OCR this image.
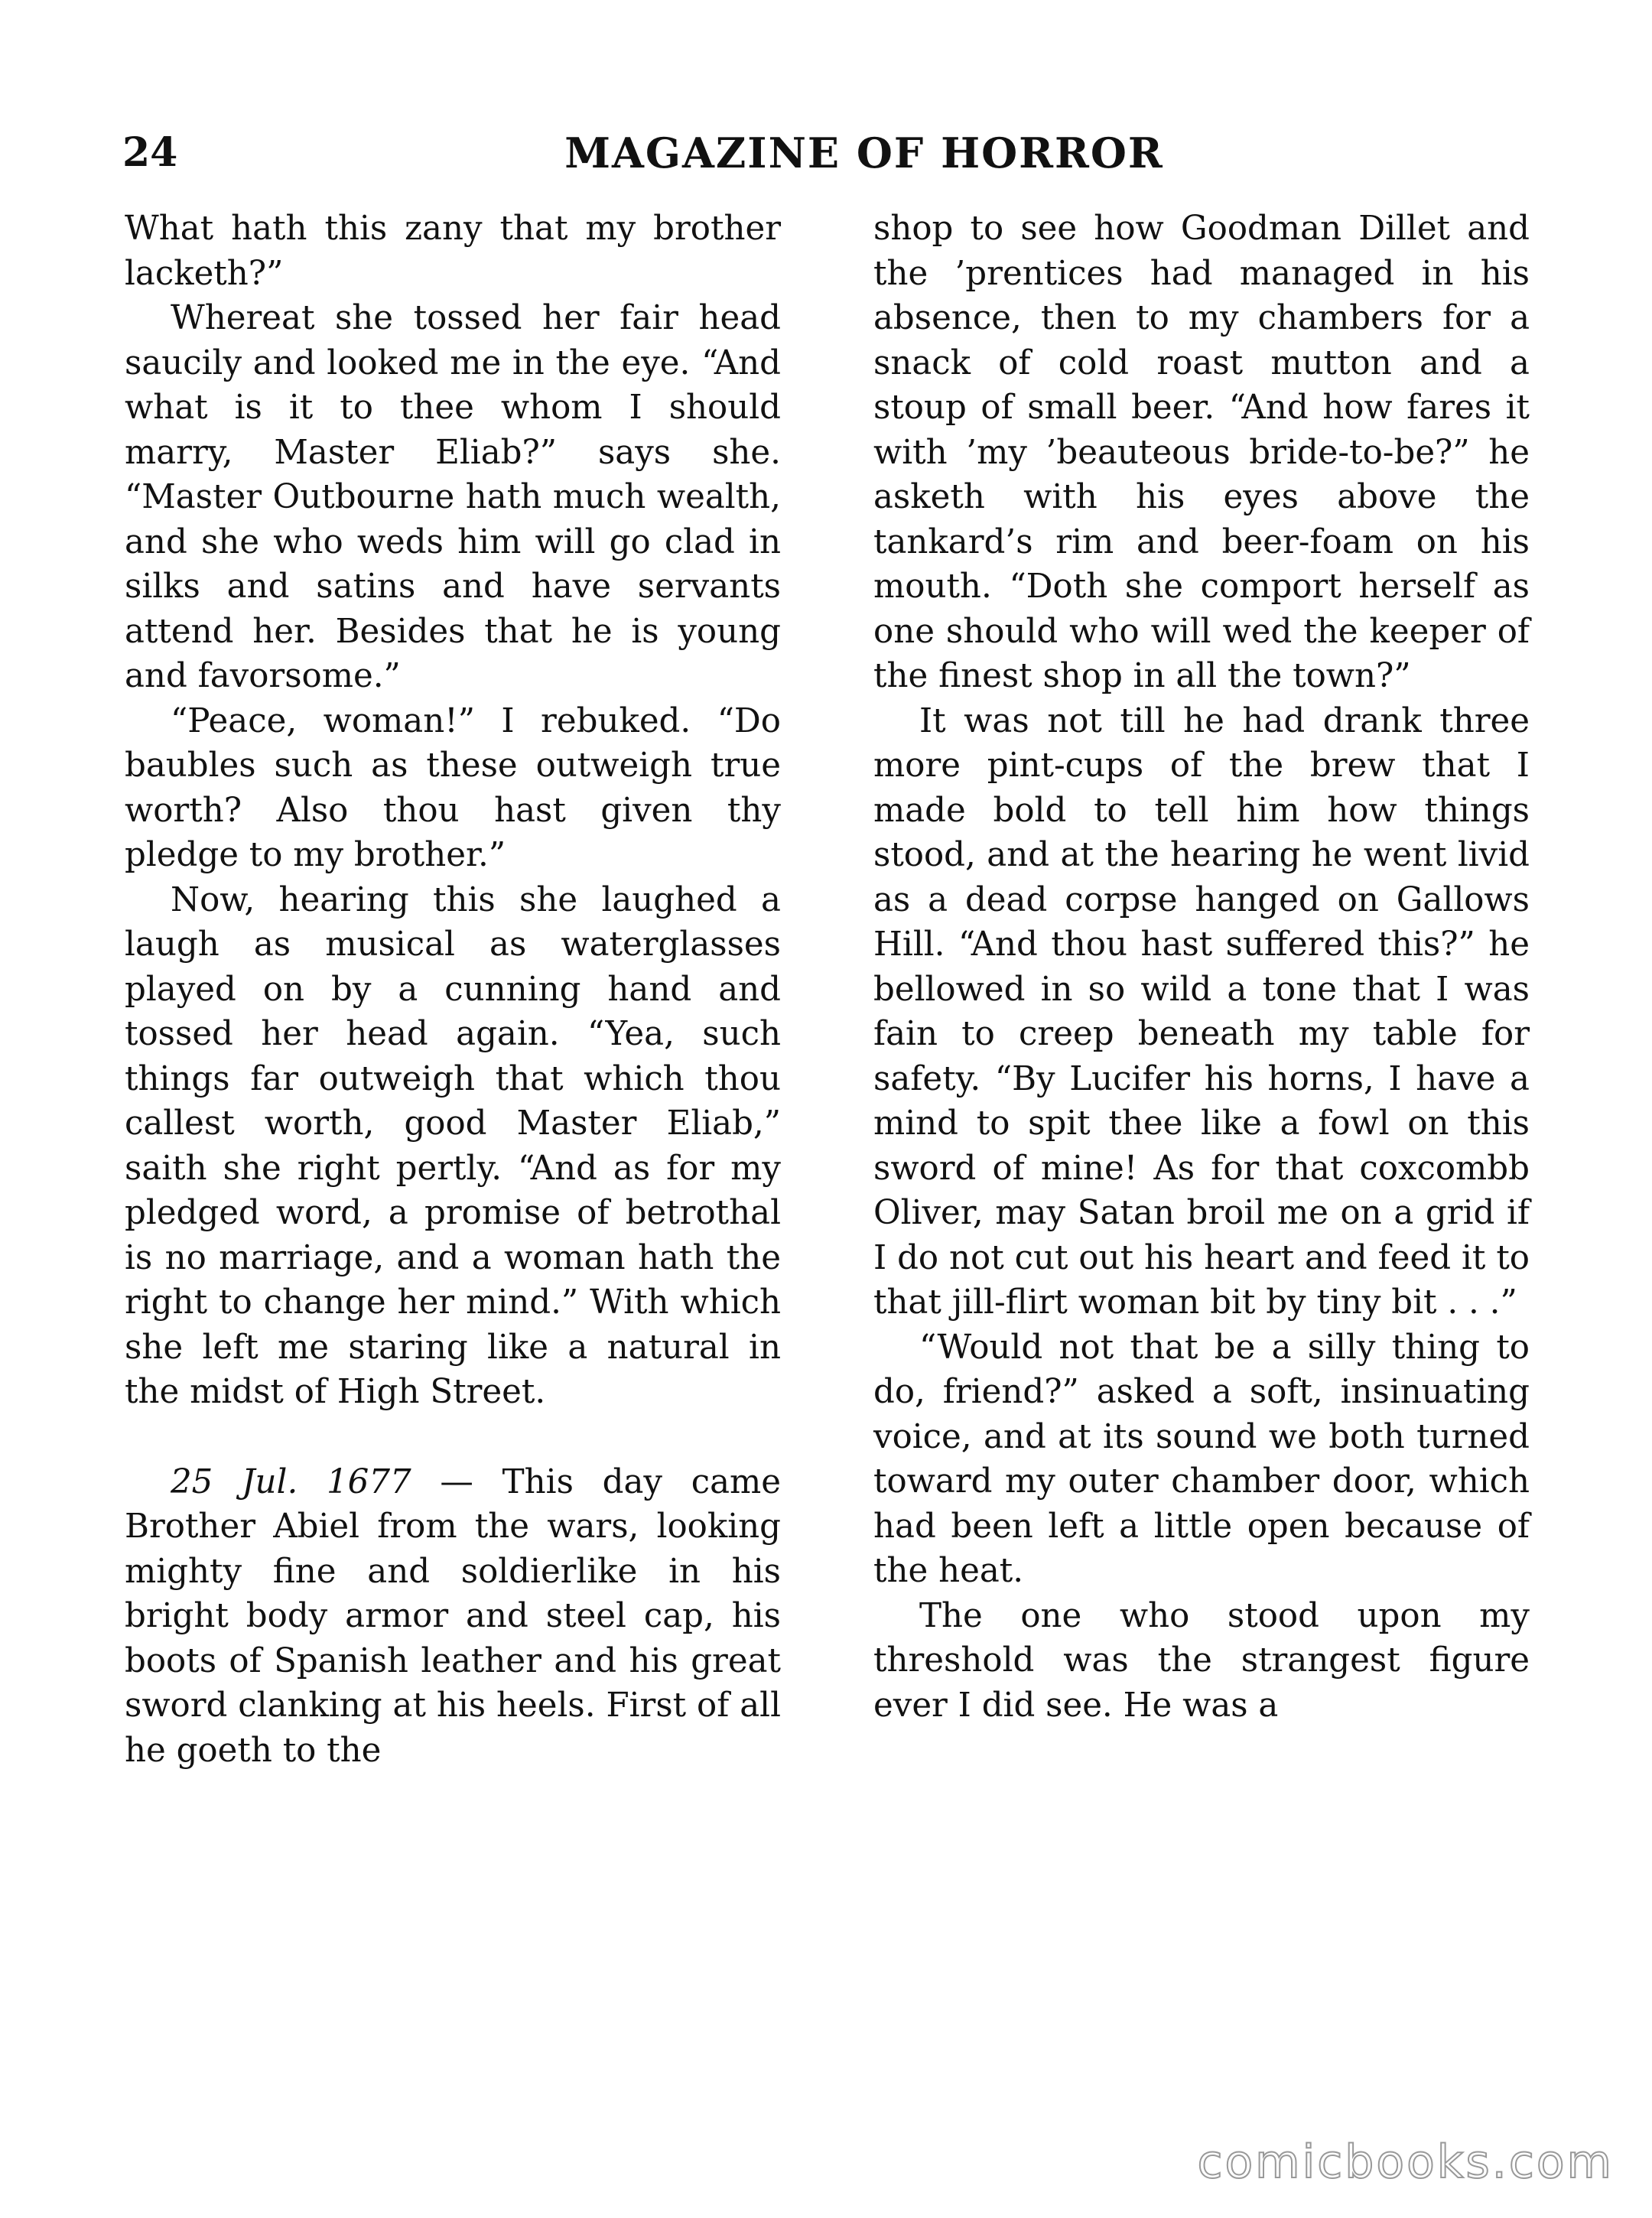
24	MAGAZINE OF HORROR

What hath this zany that my brother lacketh?”

Whereat she tossed her fair head saucily and looked me in the eye. “And what is it to thee whom I should marry, Master Eliab?” says she. “Master Outbourne hath much wealth, and she who weds him will go clad in silks and satins and have servants attend her. Besides that he is young and favorsome.”

“Peace, woman!” I rebuked. “Do baubles such as these outweigh true worth? Also thou hast given thy pledge to my brother.”

Now, hearing this she laughed a laugh as musical as waterglasses played on by a cunning hand and tossed her head again. “Yea, such things far outweigh that which thou callest worth, good Master Eliab,” saith she right pertly. “And as for my pledged word, a promise of betrothal is no marriage, and a woman hath the right to change her mind.” With which she left me staring like a natural in the midst of High Street.

25 Jul. 1677 — This day came Brother Abiel from the wars, looking mighty fine and soldierlike in his bright body armor and steel cap, his boots of Spanish leather and his great sword clanking at his heels. First of all he goeth to the

shop to see how Goodman Dillet and the ’prentices had managed in his absence, then to my chambers for a snack of cold roast mutton and a stoup of small beer. “And how fares it with ’my ’beauteous bride-to-be?” he asketh with his eyes above the tankard’s rim and beer-foam on his mouth. “Doth she comport herself as one should who will wed the keeper of the finest shop in all the town?”

It was not till he had drank three more pint-cups of the brew that I made bold to tell him how things stood, and at the hearing he went livid as a dead corpse hanged on Gallows Hill. “And thou hast suffered this?” he bellowed in so wild a tone that I was fain to creep beneath my table for safety. “By Lucifer his horns, I have a mind to spit thee like a fowl on this sword of mine! As for that coxcombb Oliver, may Satan broil me on a grid if I do not cut out his heart and feed it to that jill-flirt woman bit by tiny bit . . .”

“Would not that be a silly thing to do, friend?” asked a soft, insinuating voice, and at its sound we both turned toward my outer chamber door, which had been left a little open because of the heat.

The one who stood upon my threshold was the strangest figure ever I did see. He was a

comicbooks.com
